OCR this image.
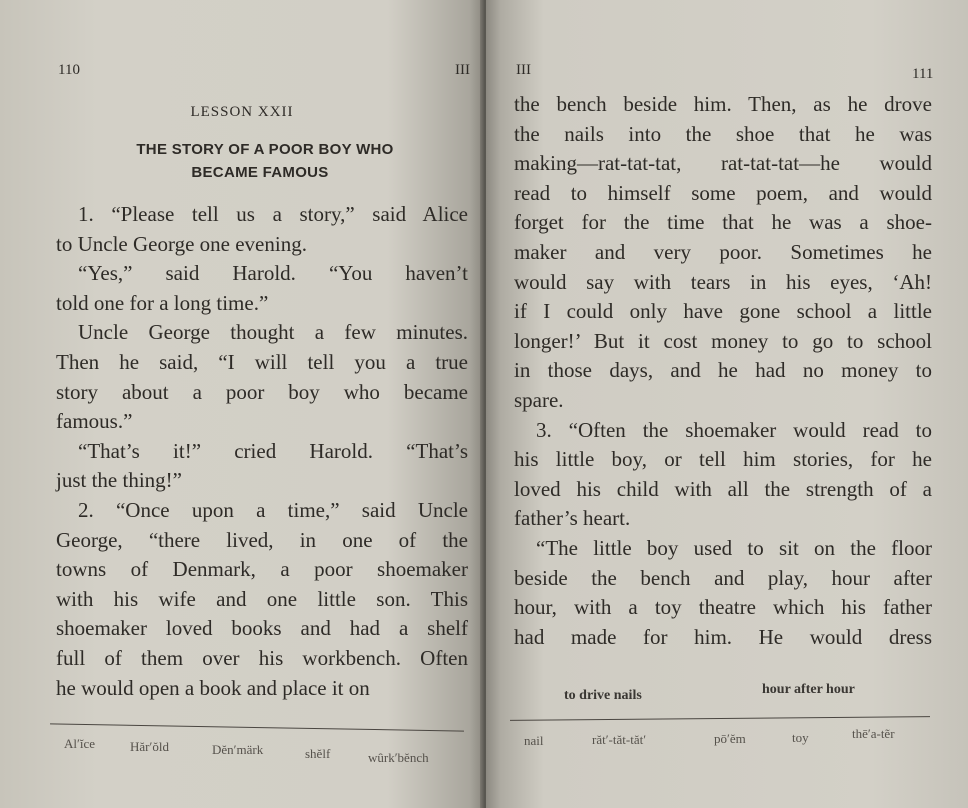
110	III
LESSON XXII
THE STORY OF A POOR BOY WHO
BECAME FAMOUS

1. “Please tell us a story,” said Alice

to Uncle George one evening.

“Yes,” said Harold. “You haven’t

told one for a long time.”

Uncle George thought a few minutes.

Then he said, “I will tell you a true

story about a poor boy who became

famous.”

“That’s it!” cried Harold. “That’s

just the thing!”

2. “Once upon a time,” said Uncle

George, “there lived, in one of the

towns of Denmark, a poor shoemaker

with his wife and one little son. This

shoemaker loved books and had a shelf

full of them over his workbench. Often

he would open a book and place it on

Al′ĭce	Hăr′ŏld	Dĕn′märk	shĕlf	wûrk′bĕnch
III	111

the bench beside him. Then, as he drove

the nails into the shoe that he was

making—rat-tat-tat, rat-tat-tat—he would

read to himself some poem, and would

forget for the time that he was a shoe-

maker and very poor. Sometimes he

would say with tears in his eyes, ‘Ah!

if I could only have gone school a little

longer!’ But it cost money to go to school

in those days, and he had no money to

spare.

3. “Often the shoemaker would read to

his little boy, or tell him stories, for he

loved his child with all the strength of a

father’s heart.

“The little boy used to sit on the floor

beside the bench and play, hour after

hour, with a toy theatre which his father

had made for him. He would dress

to drive nails	hour after hour
nail	răt′-tăt-tăt′	pō′ĕm	toy	thē′a-tẽr
